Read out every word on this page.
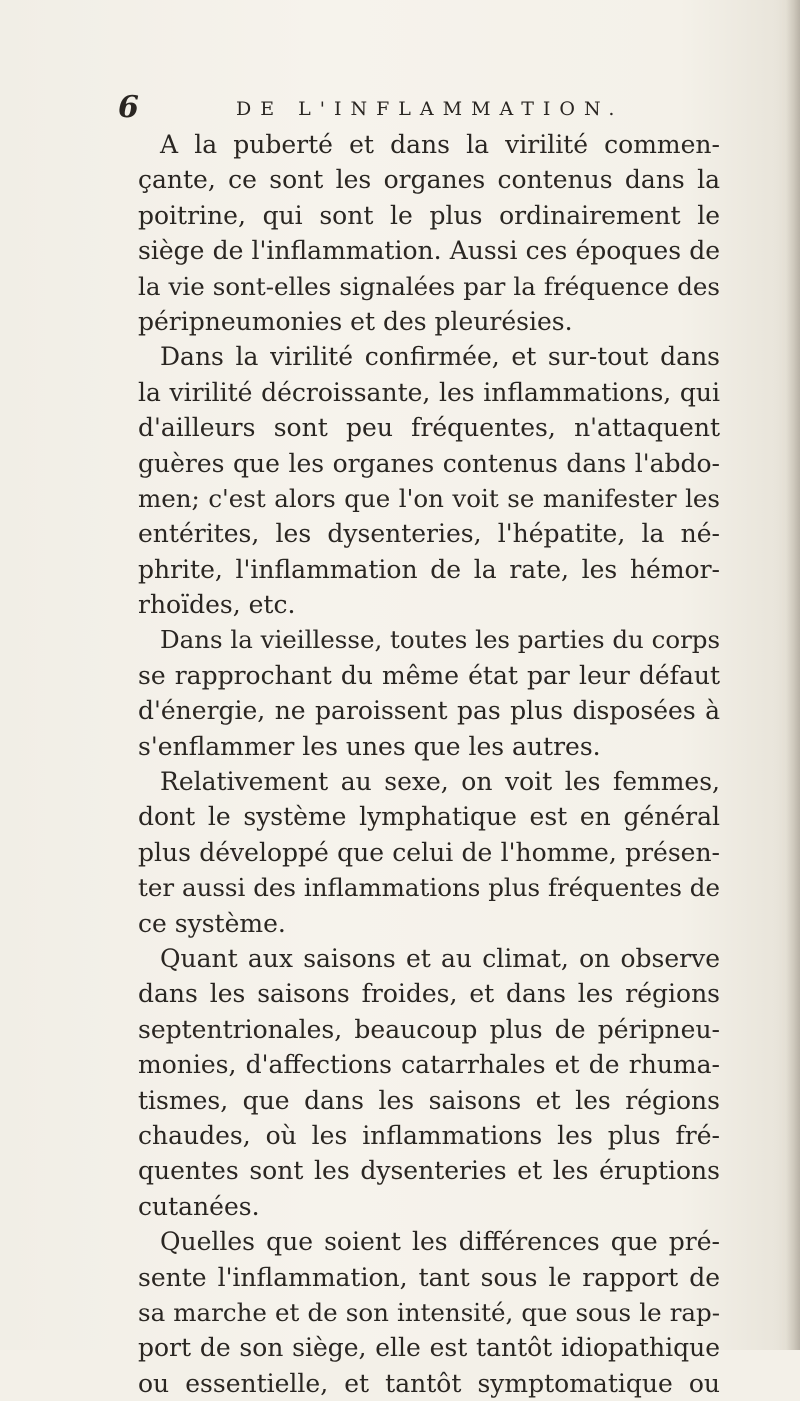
6	DE L'INFLAMMATION.
A la puberté et dans la virilité commen-
çante, ce sont les organes contenus dans la
poitrine, qui sont le plus ordinairement le
siège de l'inflammation. Aussi ces époques de
la vie sont-elles signalées par la fréquence des
péripneumonies et des pleurésies.
Dans la virilité confirmée, et sur-tout dans
la virilité décroissante, les inflammations, qui
d'ailleurs sont peu fréquentes, n'attaquent
guères que les organes contenus dans l'abdo-
men; c'est alors que l'on voit se manifester les
entérites, les dysenteries, l'hépatite, la né-
phrite, l'inflammation de la rate, les hémor-
rhoïdes, etc.
Dans la vieillesse, toutes les parties du corps
se rapprochant du même état par leur défaut
d'énergie, ne paroissent pas plus disposées à
s'enflammer les unes que les autres.
Relativement au sexe, on voit les femmes,
dont le système lymphatique est en général
plus développé que celui de l'homme, présen-
ter aussi des inflammations plus fréquentes de
ce système.
Quant aux saisons et au climat, on observe
dans les saisons froides, et dans les régions
septentrionales, beaucoup plus de péripneu-
monies, d'affections catarrhales et de rhuma-
tismes, que dans les saisons et les régions
chaudes, où les inflammations les plus fré-
quentes sont les dysenteries et les éruptions
cutanées.
Quelles que soient les différences que pré-
sente l'inflammation, tant sous le rapport de
sa marche et de son intensité, que sous le rap-
port de son siège, elle est tantôt idiopathique
ou essentielle, et tantôt symptomatique ou
